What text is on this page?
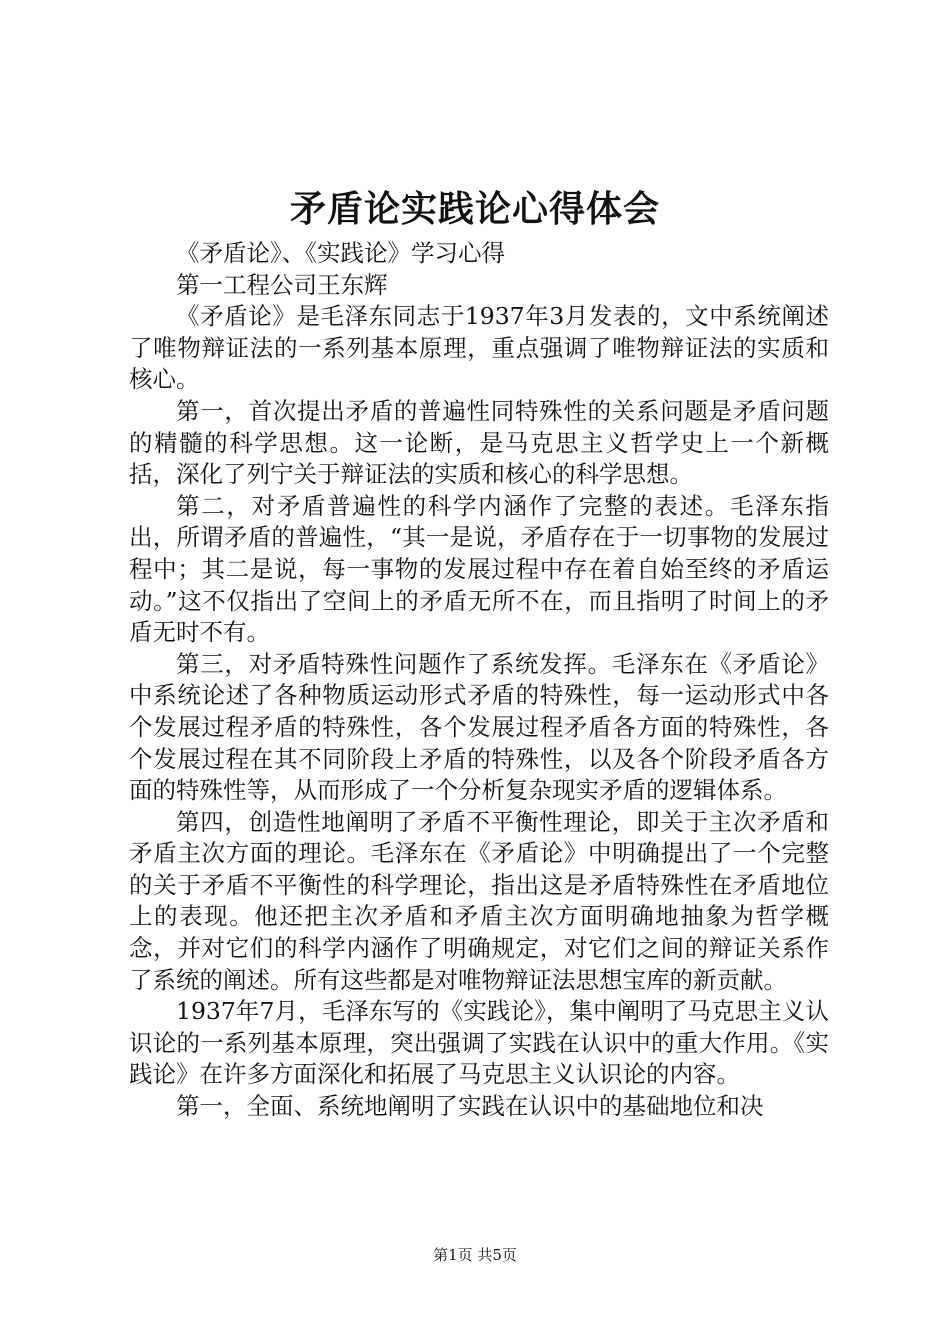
矛盾论实践论心得体会

《矛盾论》、《实践论》学习心得

第一工程公司王东辉

《矛盾论》是毛泽东同志于1937年3月发表的，文中系统阐述了唯物辩证法的一系列基本原理，重点强调了唯物辩证法的实质和核心。

第一，首次提出矛盾的普遍性同特殊性的关系问题是矛盾问题的精髓的科学思想。这一论断，是马克思主义哲学史上一个新概括，深化了列宁关于辩证法的实质和核心的科学思想。

第二，对矛盾普遍性的科学内涵作了完整的表述。毛泽东指出，所谓矛盾的普遍性，“其一是说，矛盾存在于一切事物的发展过程中；其二是说，每一事物的发展过程中存在着自始至终的矛盾运动。”这不仅指出了空间上的矛盾无所不在，而且指明了时间上的矛盾无时不有。

第三，对矛盾特殊性问题作了系统发挥。毛泽东在《矛盾论》中系统论述了各种物质运动形式矛盾的特殊性，每一运动形式中各个发展过程矛盾的特殊性，各个发展过程矛盾各方面的特殊性，各个发展过程在其不同阶段上矛盾的特殊性，以及各个阶段矛盾各方面的特殊性等，从而形成了一个分析复杂现实矛盾的逻辑体系。

第四，创造性地阐明了矛盾不平衡性理论，即关于主次矛盾和矛盾主次方面的理论。毛泽东在《矛盾论》中明确提出了一个完整的关于矛盾不平衡性的科学理论，指出这是矛盾特殊性在矛盾地位上的表现。他还把主次矛盾和矛盾主次方面明确地抽象为哲学概念，并对它们的科学内涵作了明确规定，对它们之间的辩证关系作了系统的阐述。所有这些都是对唯物辩证法思想宝库的新贡献。

1937年7月，毛泽东写的《实践论》，集中阐明了马克思主义认识论的一系列基本原理，突出强调了实践在认识中的重大作用。《实践论》在许多方面深化和拓展了马克思主义认识论的内容。

第一，全面、系统地阐明了实践在认识中的基础地位和决

第1页 共5页
